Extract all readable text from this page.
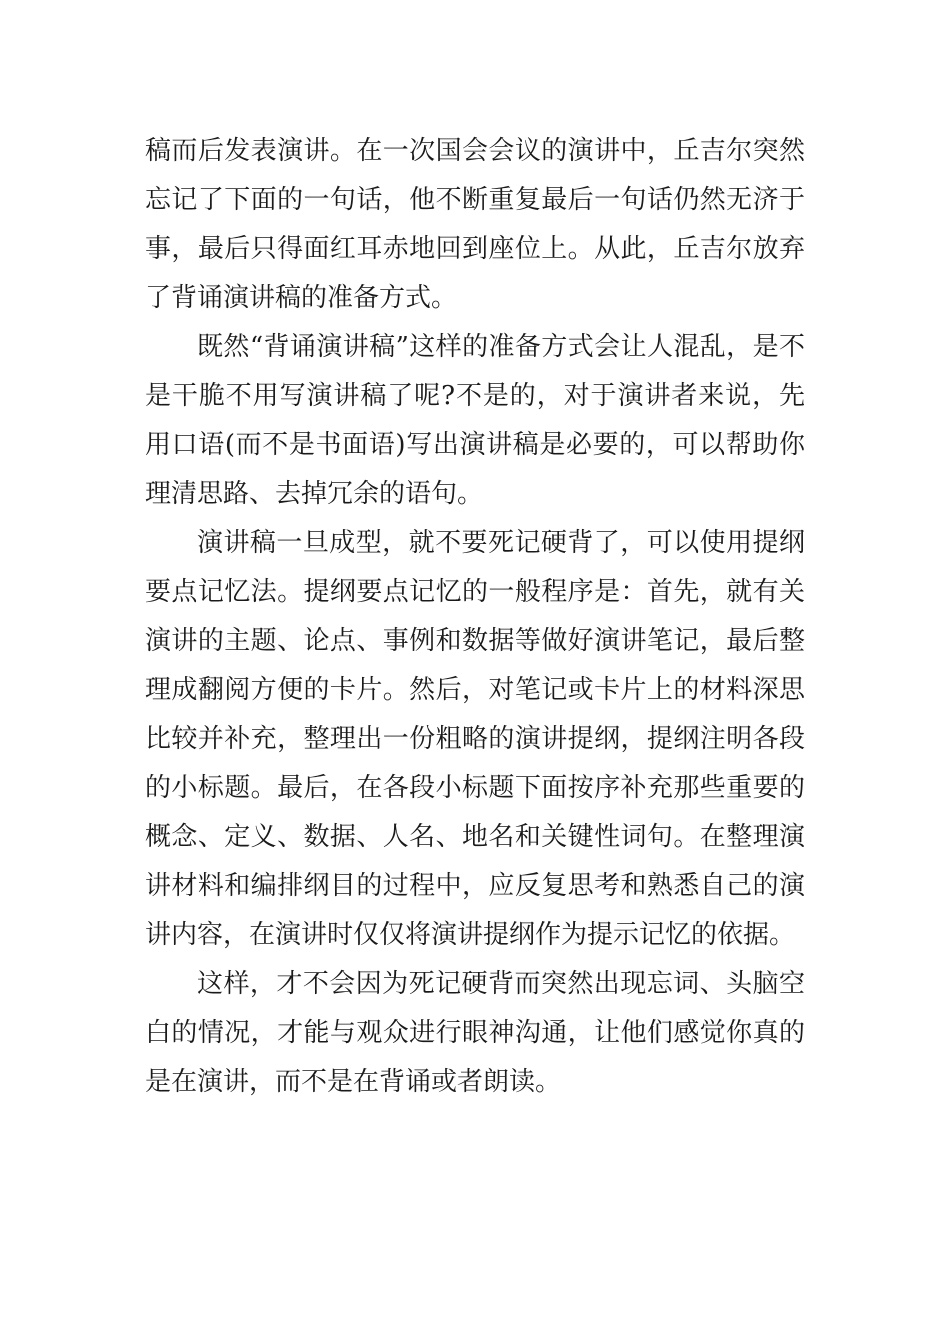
稿而后发表演讲。在一次国会会议的演讲中，丘吉尔突然忘记了下面的一句话，他不断重复最后一句话仍然无济于事，最后只得面红耳赤地回到座位上。从此，丘吉尔放弃了背诵演讲稿的准备方式。

既然“背诵演讲稿”这样的准备方式会让人混乱，是不是干脆不用写演讲稿了呢?不是的，对于演讲者来说，先用口语(而不是书面语)写出演讲稿是必要的，可以帮助你理清思路、去掉冗余的语句。

演讲稿一旦成型，就不要死记硬背了，可以使用提纲要点记忆法。提纲要点记忆的一般程序是：首先，就有关演讲的主题、论点、事例和数据等做好演讲笔记，最后整理成翻阅方便的卡片。然后，对笔记或卡片上的材料深思比较并补充，整理出一份粗略的演讲提纲，提纲注明各段的小标题。最后，在各段小标题下面按序补充那些重要的概念、定义、数据、人名、地名和关键性词句。在整理演讲材料和编排纲目的过程中，应反复思考和熟悉自己的演讲内容，在演讲时仅仅将演讲提纲作为提示记忆的依据。

这样，才不会因为死记硬背而突然出现忘词、头脑空白的情况，才能与观众进行眼神沟通，让他们感觉你真的是在演讲，而不是在背诵或者朗读。
